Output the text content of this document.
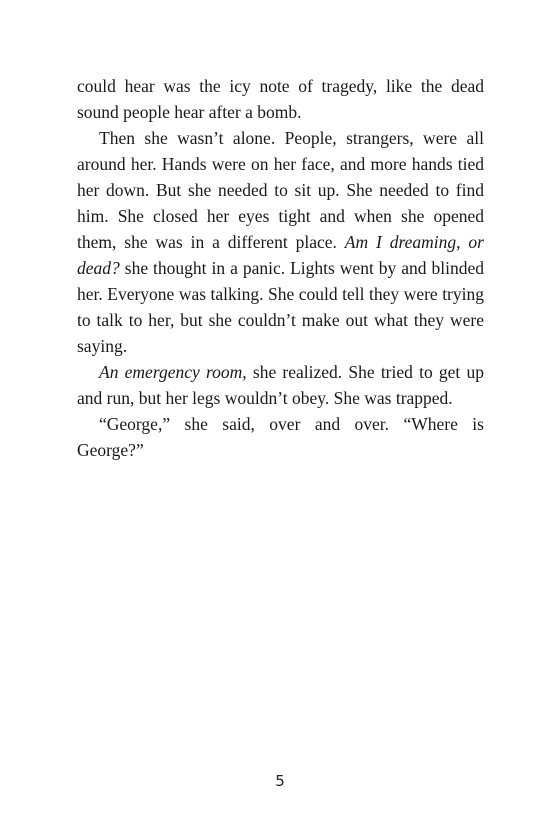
could hear was the icy note of tragedy, like the dead sound people hear after a bomb.

Then she wasn’t alone. People, strangers, were all around her. Hands were on her face, and more hands tied her down. But she needed to sit up. She needed to find him. She closed her eyes tight and when she opened them, she was in a different place. Am I dreaming, or dead? she thought in a panic. Lights went by and blinded her. Everyone was talking. She could tell they were trying to talk to her, but she couldn’t make out what they were saying.

An emergency room, she realized. She tried to get up and run, but her legs wouldn’t obey. She was trapped.

“George,” she said, over and over. “Where is George?”

5
